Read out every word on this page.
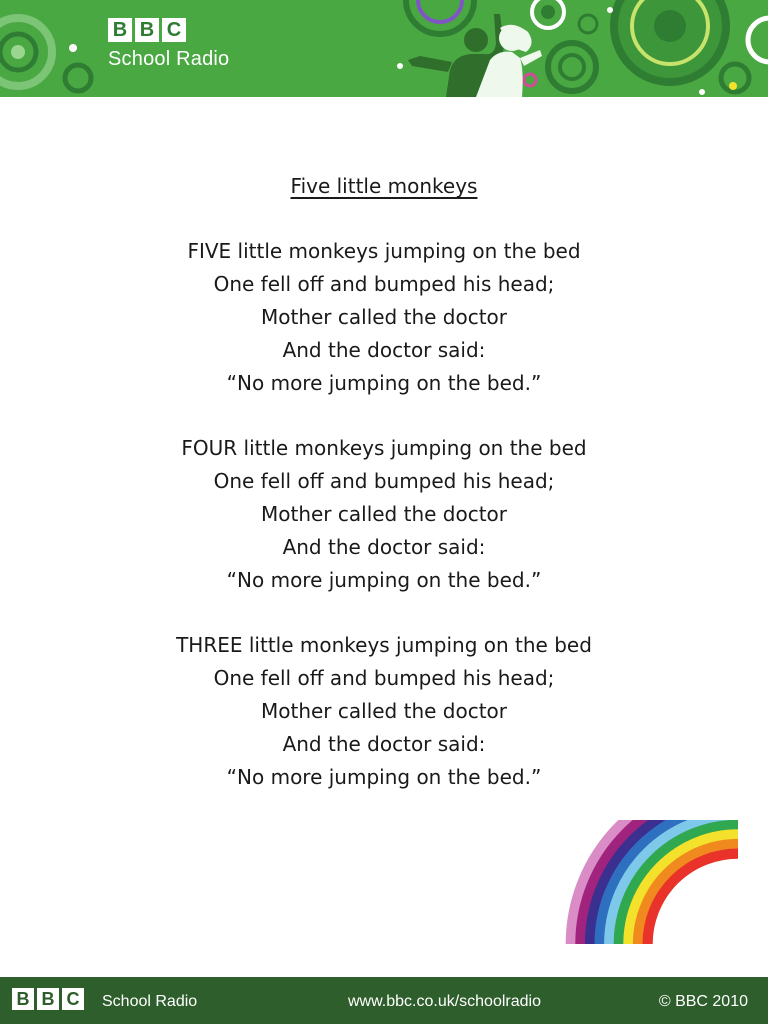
B B C
School Radio
Five little monkeys
FIVE little monkeys jumping on the bed
One fell off and bumped his head;
Mother called the doctor
And the doctor said:
“No more jumping on the bed.”
FOUR little monkeys jumping on the bed
One fell off and bumped his head;
Mother called the doctor
And the doctor said:
“No more jumping on the bed.”
THREE little monkeys jumping on the bed
One fell off and bumped his head;
Mother called the doctor
And the doctor said:
“No more jumping on the bed.”
B B C School Radio	www.bbc.co.uk/schoolradio	© BBC 2010
